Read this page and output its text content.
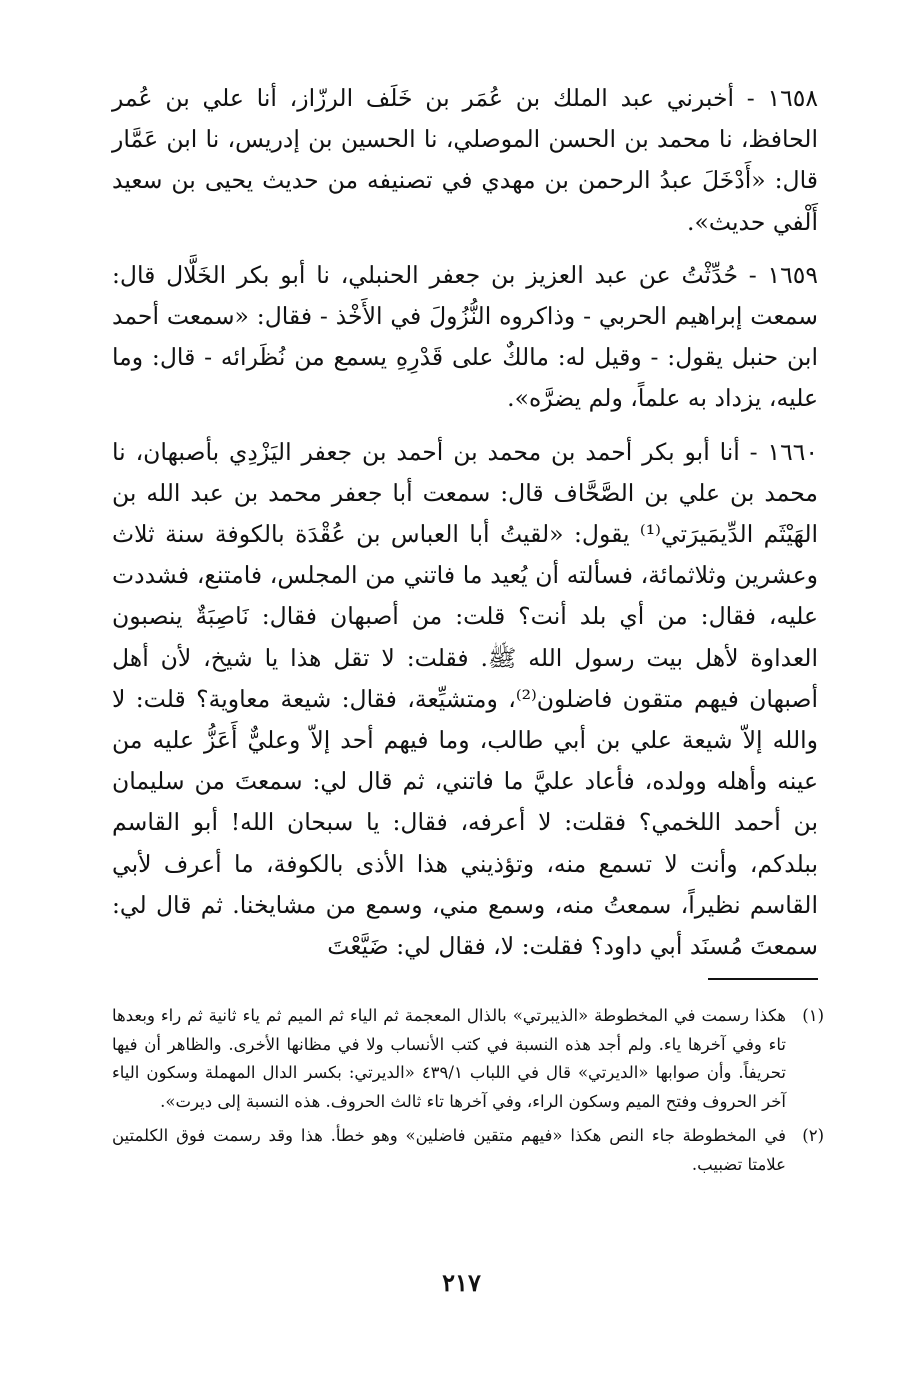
١٦٥٨ - أخبرني عبد الملك بن عُمَر بن خَلَف الرزّاز، أنا علي بن عُمر الحافظ، نا محمد بن الحسن الموصلي، نا الحسين بن إدريس، نا ابن عَمَّار قال: «أَدْخَلَ عبدُ الرحمن بن مهدي في تصنيفه من حديث يحيى بن سعيد أَلْفي حديث».

١٦٥٩ - حُدِّثْتُ عن عبد العزيز بن جعفر الحنبلي، نا أبو بكر الخَلَّال قال: سمعت إبراهيم الحربي - وذاكروه النُّزُولَ في الأَخْذ - فقال: «سمعت أحمد ابن حنبل يقول: - وقيل له: مالكٌ على قَدْرِهِ يسمع من نُظَرائه - قال: وما عليه، يزداد به علماً، ولم يضرَّه».

١٦٦٠ - أنا أبو بكر أحمد بن محمد بن أحمد بن جعفر اليَزْدِي بأصبهان، نا محمد بن علي بن الصَّحَّاف قال: سمعت أبا جعفر محمد بن عبد الله بن الهَيْثَم الدِّيمَيرَتي⁽¹⁾ يقول: «لقيتُ أبا العباس بن عُقْدَة بالكوفة سنة ثلاث وعشرين وثلاثمائة، فسألته أن يُعيد ما فاتني من المجلس، فامتنع، فشددت عليه، فقال: من أي بلد أنت؟ قلت: من أصبهان فقال: نَاصِبَةٌ ينصبون العداوة لأهل بيت رسول الله ﷺ. فقلت: لا تقل هذا يا شيخ، لأن أهل أصبهان فيهم متقون فاضلون⁽²⁾، ومتشيِّعة، فقال: شيعة معاوية؟ قلت: لا والله إلاّ شيعة علي بن أبي طالب، وما فيهم أحد إلاّ وعليٌّ أَعَزُّ عليه من عينه وأهله وولده، فأعاد عليَّ ما فاتني، ثم قال لي: سمعتَ من سليمان بن أحمد اللخمي؟ فقلت: لا أعرفه، فقال: يا سبحان الله! أبو القاسم ببلدكم، وأنت لا تسمع منه، وتؤذيني هذا الأذى بالكوفة، ما أعرف لأبي القاسم نظيراً، سمعتُ منه، وسمع مني، وسمع من مشايخنا. ثم قال لي: سمعتَ مُسنَد أبي داود؟ فقلت: لا، فقال لي: ضَيَّعْتَ

(١)
هكذا رسمت في المخطوطة «الذيبرتي» بالذال المعجمة ثم الياء ثم الميم ثم ياء ثانية ثم راء وبعدها تاء وفي آخرها ياء. ولم أجد هذه النسبة في كتب الأنساب ولا في مظانها الأخرى. والظاهر أن فيها تحريفاً. وأن صوابها «الديرتي» قال في اللباب ٤٣٩/١ «الديرتي: بكسر الدال المهملة وسكون الياء آخر الحروف وفتح الميم وسكون الراء، وفي آخرها تاء ثالث الحروف. هذه النسبة إلى ديرت».
(٢)
في المخطوطة جاء النص هكذا «فيهم متقين فاضلين» وهو خطأ. هذا وقد رسمت فوق الكلمتين علامتا تضبيب.
٢١٧
